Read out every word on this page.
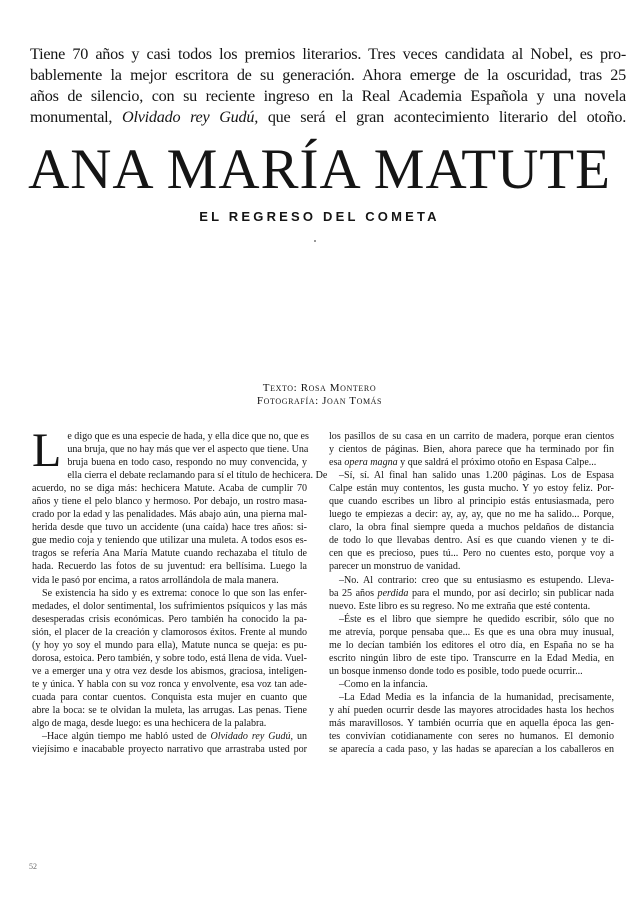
Tiene 70 años y casi todos los premios literarios. Tres veces candidata al Nobel, es pro-
bablemente la mejor escritora de su generación. Ahora emerge de la oscuridad, tras 25
años de silencio, con su reciente ingreso en la Real Academia Española y una novela
monumental, Olvidado rey Gudú, que será el gran acontecimiento literario del otoño.
ANA MARÍA MATUTE
EL REGRESO DEL COMETA
Texto: Rosa Montero
Fotografía: Joan Tomás
L e digo que es una especie de hada, y ella dice que no, que es
una bruja, que no hay más que ver el aspecto que tiene. Una
bruja buena en todo caso, respondo no muy convencida, y
ella cierra el debate reclamando para sí el título de hechicera. De
acuerdo, no se diga más: hechicera Matute. Acaba de cumplir 70
años y tiene el pelo blanco y hermoso. Por debajo, un rostro masa-
crado por la edad y las penalidades. Más abajo aún, una pierna mal-
herida desde que tuvo un accidente (una caída) hace tres años: si-
gue medio coja y teniendo que utilizar una muleta. A todos esos es-
tragos se refería Ana María Matute cuando rechazaba el título de
hada. Recuerdo las fotos de su juventud: era bellísima. Luego la
vida le pasó por encima, a ratos arrollándola de mala manera.
Se existencia ha sido y es extrema: conoce lo que son las enfer-
medades, el dolor sentimental, los sufrimientos psíquicos y las más
desesperadas crisis económicas. Pero también ha conocido la pa-
sión, el placer de la creación y clamorosos éxitos. Frente al mundo
(y hoy yo soy el mundo para ella), Matute nunca se queja: es pu-
dorosa, estoica. Pero también, y sobre todo, está llena de vida. Vuel-
ve a emerger una y otra vez desde los abismos, graciosa, inteligen-
te y única. Y habla con su voz ronca y envolvente, esa voz tan ade-
cuada para contar cuentos. Conquista esta mujer en cuanto que
abre la boca: se te olvidan la muleta, las arrugas. Las penas. Tiene
algo de maga, desde luego: es una hechicera de la palabra.
–Hace algún tiempo me habló usted de Olvidado rey Gudú, un
viejísimo e inacabable proyecto narrativo que arrastraba usted por
los pasillos de su casa en un carrito de madera, porque eran cientos
y cientos de páginas. Bien, ahora parece que ha terminado por fin
esa opera magna y que saldrá el próximo otoño en Espasa Calpe...
–Sí, sí. Al final han salido unas 1.200 páginas. Los de Espasa
Calpe están muy contentos, les gusta mucho. Y yo estoy feliz. Por-
que cuando escribes un libro al principio estás entusiasmada, pero
luego te empiezas a decir: ay, ay, ay, que no me ha salido... Porque,
claro, la obra final siempre queda a muchos peldaños de distancia
de todo lo que llevabas dentro. Así es que cuando vienen y te di-
cen que es precioso, pues tú... Pero no cuentes esto, porque voy a
parecer un monstruo de vanidad.
–No. Al contrario: creo que su entusiasmo es estupendo. Lleva-
ba 25 años perdida para el mundo, por así decirlo; sin publicar nada
nuevo. Este libro es su regreso. No me extraña que esté contenta.
–Éste es el libro que siempre he quedido escribir, sólo que no
me atrevía, porque pensaba que... Es que es una obra muy inusual,
me lo decían también los editores el otro día, en España no se ha
escrito ningún libro de este tipo. Transcurre en la Edad Media, en
un bosque inmenso donde todo es posible, todo puede ocurrir...
–Como en la infancia.
–La Edad Media es la infancia de la humanidad, precisamente,
y ahí pueden ocurrir desde las mayores atrocidades hasta los hechos
más maravillosos. Y también ocurría que en aquella época las gen-
tes convivían cotidianamente con seres no humanos. El demonio
se aparecía a cada paso, y las hadas se aparecían a los caballeros en
52
